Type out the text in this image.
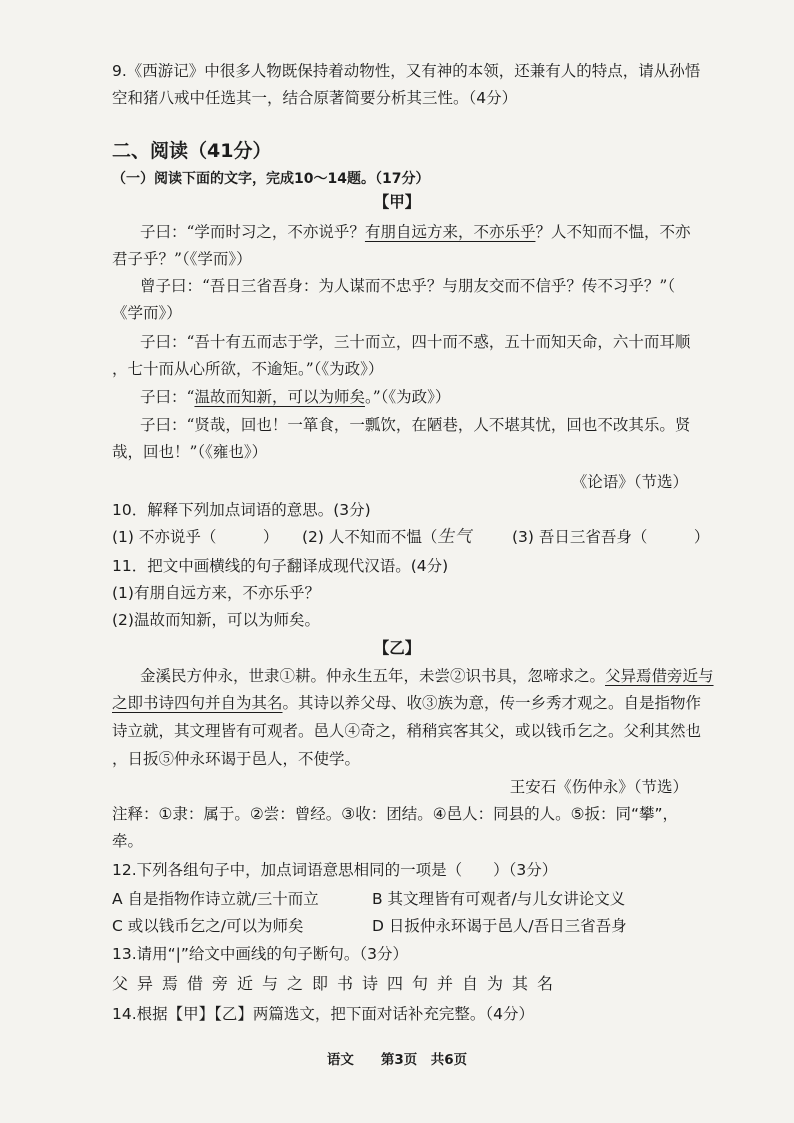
9.《西游记》中很多人物既保持着动物性，又有神的本领，还兼有人的特点，请从孙悟
空和猪八戒中任选其一，结合原著简要分析其三性。（4分）
二、阅读（41分）
（一）阅读下面的文字，完成10～14题。（17分）
【甲】
子曰：“学而时习之，不亦说乎？有朋自远方来，不亦乐乎？人不知而不愠，不亦
君子乎？”（《学而》）
曾子曰：“吾日三省吾身：为人谋而不忠乎？与朋友交而不信乎？传不习乎？”（
《学而》）
子曰：“吾十有五而志于学，三十而立，四十而不惑，五十而知天命，六十而耳顺
，七十而从心所欲，不逾矩。”（《为政》）
子曰：“温故而知新，可以为师矣。”（《为政》）
子曰：“贤哉，回也！一箪食，一瓢饮，在陋巷，人不堪其忧，回也不改其乐。贤
哉，回也！”（《雍也》）
《论语》（节选）
10．解释下列加点词语的意思。(3分)
(1) 不亦说乎（　　　） (2) 人不知而不愠（生气	(3) 吾日三省吾身（　　　）
11．把文中画横线的句子翻译成现代汉语。(4分)
(1)有朋自远方来，不亦乐乎？
(2)温故而知新，可以为师矣。
【乙】
金溪民方仲永，世隶①耕。仲永生五年，未尝②识书具，忽啼求之。父异焉借旁近与
之即书诗四句并自为其名。其诗以养父母、收③族为意，传一乡秀才观之。自是指物作
诗立就，其文理皆有可观者。邑人④奇之，稍稍宾客其父，或以钱币乞之。父利其然也
，日扳⑤仲永环谒于邑人，不使学。
王安石《伤仲永》（节选）
注释：①隶：属于。②尝：曾经。③收：团结。④邑人：同县的人。⑤扳：同“攀”，
牵。
12.下列各组句子中，加点词语意思相同的一项是（　　）（3分）
A 自是指物作诗立就/三十而立	B 其文理皆有可观者/与儿女讲论文义
C 或以钱币乞之/可以为师矣	D 日扳仲永环谒于邑人/吾日三省吾身
13.请用“|”给文中画线的句子断句。（3分）
父异焉借旁近与之即书诗四句并自为其名
14.根据【甲】【乙】两篇选文，把下面对话补充完整。（4分）
语文　　第3页　共6页
